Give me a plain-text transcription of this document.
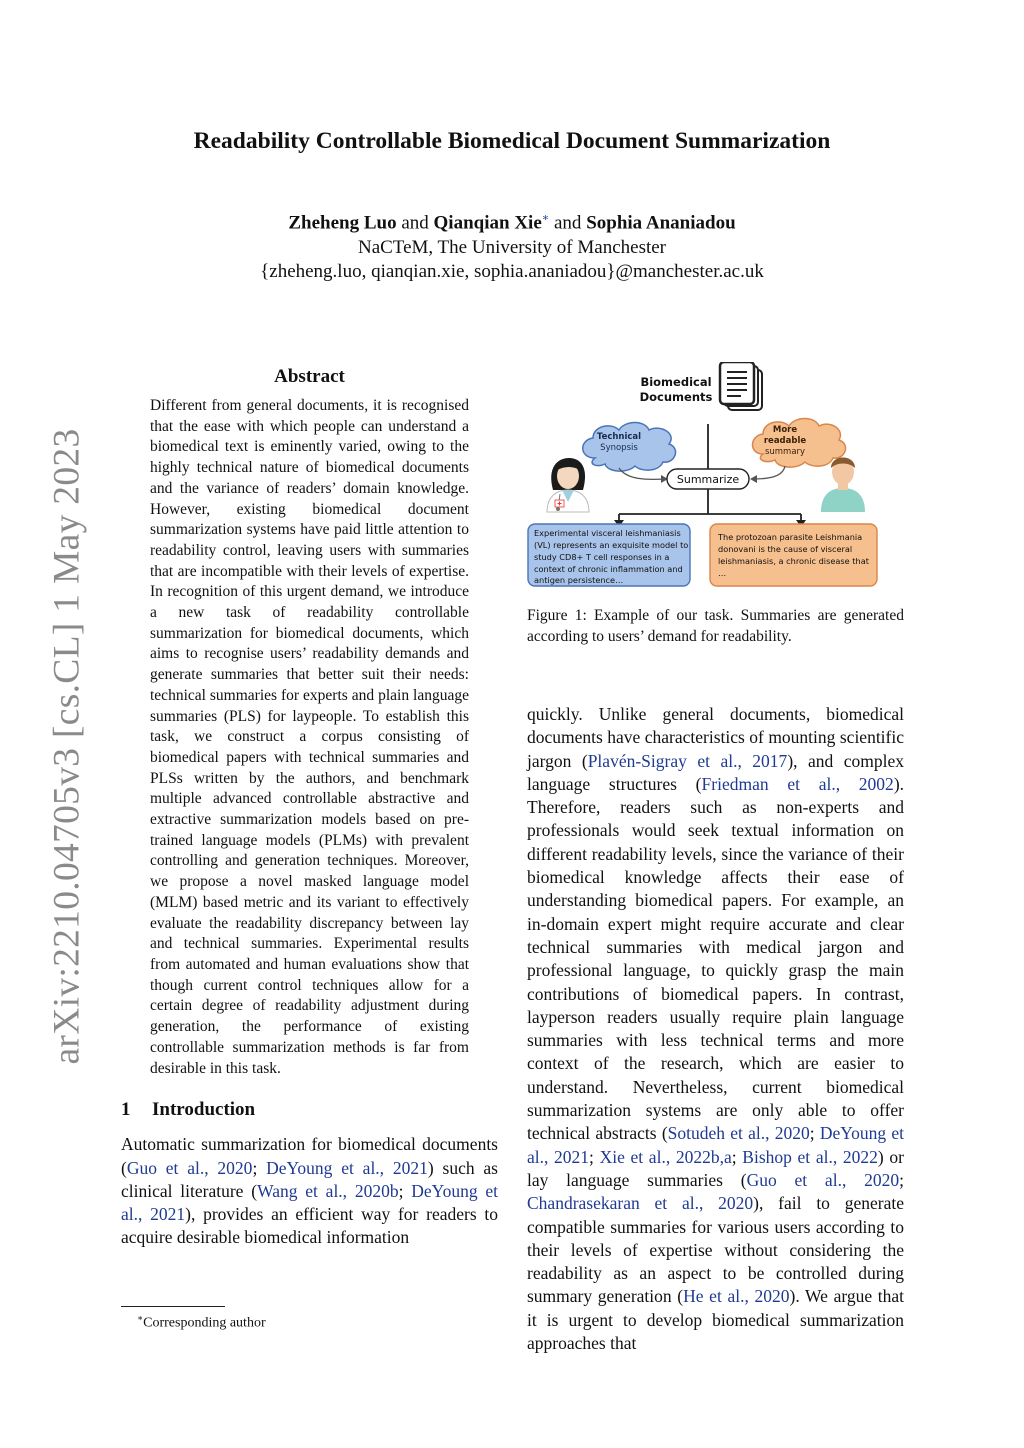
arXiv:2210.04705v3 [cs.CL] 1 May 2023
Readability Controllable Biomedical Document Summarization
Zheheng Luo and Qianqian Xie∗ and Sophia Ananiadou
NaCTeM, The University of Manchester
{zheheng.luo, qianqian.xie, sophia.ananiadou}@manchester.ac.uk
Abstract

Different from general documents, it is recognised that the ease with which people can understand a biomedical text is eminently varied, owing to the highly technical nature of biomedical documents and the variance of readers’ domain knowledge. However, existing biomedical document summarization systems have paid little attention to readability control, leaving users with summaries that are incompatible with their levels of expertise. In recognition of this urgent demand, we introduce a new task of readability controllable summarization for biomedical documents, which aims to recognise users’ readability demands and generate summaries that better suit their needs: technical summaries for experts and plain language summaries (PLS) for laypeople. To establish this task, we construct a corpus consisting of biomedical papers with technical summaries and PLSs written by the authors, and benchmark multiple advanced controllable abstractive and extractive summarization models based on pre-trained language models (PLMs) with prevalent controlling and generation techniques. Moreover, we propose a novel masked language model (MLM) based metric and its variant to effectively evaluate the readability discrepancy between lay and technical summaries. Experimental results from automated and human evaluations show that though current control techniques allow for a certain degree of readability adjustment during generation, the performance of existing controllable summarization methods is far from desirable in this task.

1 Introduction

Automatic summarization for biomedical documents (Guo et al., 2020; DeYoung et al., 2021) such as clinical literature (Wang et al., 2020b; DeYoung et al., 2021), provides an efficient way for readers to acquire desirable biomedical information

∗Corresponding author
Biomedical
Documents
Technical
Synopsis
More
readable
summary
Summarize
Experimental visceral leishmaniasis (VL) represents an exquisite model to study CD8+ T cell responses in a context of chronic inflammation and antigen persistence…
The protozoan parasite Leishmania donovani is the cause of visceral leishmaniasis, a chronic disease that …

Figure 1: Example of our task. Summaries are generated according to users’ demand for readability.

quickly. Unlike general documents, biomedical documents have characteristics of mounting scientific jargon (Plavén-Sigray et al., 2017), and complex language structures (Friedman et al., 2002). Therefore, readers such as non-experts and professionals would seek textual information on different readability levels, since the variance of their biomedical knowledge affects their ease of understanding biomedical papers. For example, an in-domain expert might require accurate and clear technical summaries with medical jargon and professional language, to quickly grasp the main contributions of biomedical papers. In contrast, layperson readers usually require plain language summaries with less technical terms and more context of the research, which are easier to understand. Nevertheless, current biomedical summarization systems are only able to offer technical abstracts (Sotudeh et al., 2020; DeYoung et al., 2021; Xie et al., 2022b,a; Bishop et al., 2022) or lay language summaries (Guo et al., 2020; Chandrasekaran et al., 2020), fail to generate compatible summaries for various users according to their levels of expertise without considering the readability as an aspect to be controlled during summary generation (He et al., 2020). We argue that it is urgent to develop biomedical summarization approaches that
